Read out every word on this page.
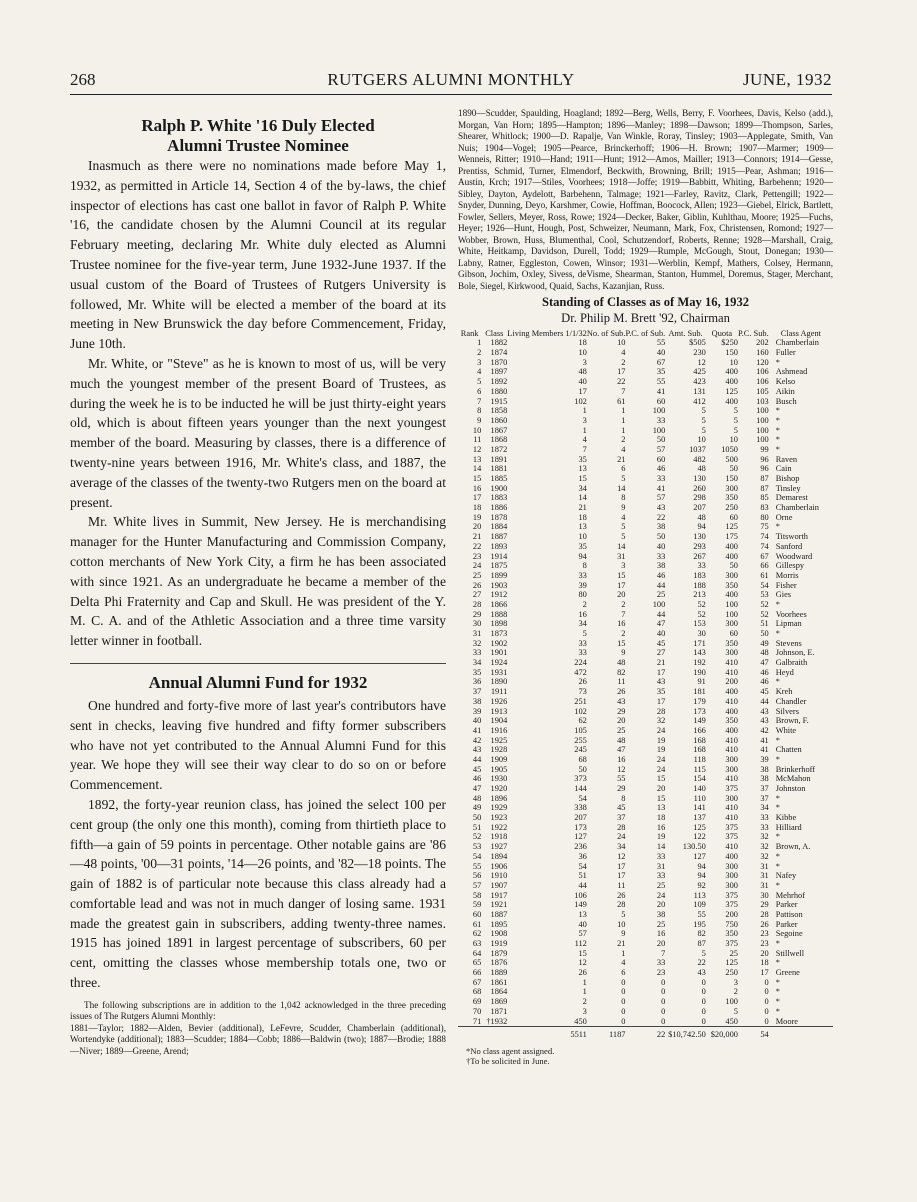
268	RUTGERS ALUMNI MONTHLY	JUNE, 1932
Ralph P. White '16 Duly Elected
Alumni Trustee Nominee

Inasmuch as there were no nominations made before May 1, 1932, as permitted in Article 14, Section 4 of the by-laws, the chief inspector of elections has cast one ballot in favor of Ralph P. White '16, the candidate chosen by the Alumni Council at its regular February meeting, declaring Mr. White duly elected as Alumni Trustee nominee for the five-year term, June 1932-June 1937. If the usual custom of the Board of Trustees of Rutgers University is followed, Mr. White will be elected a member of the board at its meeting in New Brunswick the day before Commencement, Friday, June 10th.

Mr. White, or "Steve" as he is known to most of us, will be very much the youngest member of the present Board of Trustees, as during the week he is to be inducted he will be just thirty-eight years old, which is about fifteen years younger than the next youngest member of the board. Measuring by classes, there is a difference of twenty-nine years between 1916, Mr. White's class, and 1887, the average of the classes of the twenty-two Rutgers men on the board at present.

Mr. White lives in Summit, New Jersey. He is merchandising manager for the Hunter Manufacturing and Commission Company, cotton merchants of New York City, a firm he has been associated with since 1921. As an undergraduate he became a member of the Delta Phi Fraternity and Cap and Skull. He was president of the Y. M. C. A. and of the Athletic Association and a three time varsity letter winner in football.

Annual Alumni Fund for 1932

One hundred and forty-five more of last year's contributors have sent in checks, leaving five hundred and fifty former subscribers who have not yet contributed to the Annual Alumni Fund for this year. We hope they will see their way clear to do so on or before Commencement.

1892, the forty-year reunion class, has joined the select 100 per cent group (the only one this month), coming from thirtieth place to fifth—a gain of 59 points in percentage. Other notable gains are '86—48 points, '00—31 points, '14—26 points, and '82—18 points. The gain of 1882 is of particular note because this class already had a comfortable lead and was not in much danger of losing same. 1931 made the greatest gain in subscribers, adding twenty-three names. 1915 has joined 1891 in largest percentage of subscribers, 60 per cent, omitting the classes whose membership totals one, two or three.

The following subscriptions are in addition to the 1,042 acknowledged in the three preceding issues of The Rutgers Alumni Monthly:

1881—Taylor; 1882—Alden, Bevier (additional), LeFevre, Scudder, Chamberlain (additional), Wortendyke (additional); 1883—Scudder; 1884—Cobb; 1886—Baldwin (two); 1887—Brodie; 1888—Niver; 1889—Greene, Arend;

1890—Scudder, Spaulding, Hoagland; 1892—Berg, Wells, Berry, F. Voorhees, Davis, Kelso (add.), Morgan, Van Horn; 1895—Hampton; 1896—Manley; 1898—Dawson; 1899—Thompson, Sarles, Shearer, Whitlock; 1900—D. Rapalje, Van Winkle, Roray, Tinsley; 1903—Applegate, Smith, Van Nuis; 1904—Vogel; 1905—Pearce, Brinckerhoff; 1906—H. Brown; 1907—Marmer; 1909—Wenneis, Ritter; 1910—Hand; 1911—Hunt; 1912—Amos, Mailler; 1913—Connors; 1914—Gesse, Prentiss, Schmid, Turner, Elmendorf, Beckwith, Browning, Brill; 1915—Pear, Ashman; 1916—Austin, Krch; 1917—Stiles, Voorhees; 1918—Joffe; 1919—Babbitt, Whiting, Barbehenn; 1920—Sibley, Dayton, Aydelott, Barbehenn, Talmage; 1921—Farley, Ravitz, Clark, Pettengill; 1922—Snyder, Dunning, Deyo, Karshmer, Cowie, Hoffman, Boocock, Allen; 1923—Giebel, Elrick, Bartlett, Fowler, Sellers, Meyer, Ross, Rowe; 1924—Decker, Baker, Giblin, Kuhlthau, Moore; 1925—Fuchs, Heyer; 1926—Hunt, Hough, Post, Schweizer, Neumann, Mark, Fox, Christensen, Romond; 1927—Wobber, Brown, Huss, Blumenthal, Cool, Schutzendorf, Roberts, Renne; 1928—Marshall, Craig, White, Heitkamp, Davidson, Durell, Todd; 1929—Rumple, McGough, Stout, Donegan; 1930—Labny, Ratner, Eggleston, Cowen, Winsor; 1931—Werblin, Kempf, Mathers, Colsey, Hermann, Gibson, Jochim, Oxley, Sivess, deVisme, Shearman, Stanton, Hummel, Doremus, Stager, Merchant, Bole, Siegel, Kirkwood, Quaid, Sachs, Kazanjian, Russ.

Standing of Classes as of May 16, 1932
Dr. Philip M. Brett '92, Chairman
Rank	Class	Living Members 1/1/32	No. of Sub.	P.C. of Sub.	Amt. Sub.	Quota	P.C. Sub.	Class Agent
1	1882	18	10	55	$505	$250	202	Chamberlain
2	1874	10	4	40	230	150	160	Fuller
3	1870	3	2	67	12	10	120	*
4	1897	48	17	35	425	400	106	Ashmead
5	1892	40	22	55	423	400	106	Kelso
6	1880	17	7	41	131	125	105	Aikin
7	1915	102	61	60	412	400	103	Busch
8	1858	1	1	100	5	5	100	*
9	1860	3	1	33	5	5	100	*
10	1867	1	1	100	5	5	100	*
11	1868	4	2	50	10	10	100	*
12	1872	7	4	57	1037	1050	99	*
13	1891	35	21	60	482	500	96	Raven
14	1881	13	6	46	48	50	96	Cain
15	1885	15	5	33	130	150	87	Bishop
16	1900	34	14	41	260	300	87	Tinsley
17	1883	14	8	57	298	350	85	Demarest
18	1886	21	9	43	207	250	83	Chamberlain
19	1878	18	4	22	48	60	80	Orne
20	1884	13	5	38	94	125	75	*
21	1887	10	5	50	130	175	74	Titsworth
22	1893	35	14	40	293	400	74	Sanford
23	1914	94	31	33	267	400	67	Woodward
24	1875	8	3	38	33	50	66	Gillespy
25	1899	33	15	46	183	300	61	Morris
26	1903	39	17	44	188	350	54	Fisher
27	1912	80	20	25	213	400	53	Gies
28	1866	2	2	100	52	100	52	*
29	1888	16	7	44	52	100	52	Voorhees
30	1898	34	16	47	153	300	51	Lipman
31	1873	5	2	40	30	60	50	*
32	1902	33	15	45	171	350	49	Stevens
33	1901	33	9	27	143	300	48	Johnson, E.
34	1924	224	48	21	192	410	47	Galbraith
35	1931	472	82	17	190	410	46	Heyd
36	1890	26	11	43	91	200	46	*
37	1911	73	26	35	181	400	45	Kreh
38	1926	251	43	17	179	410	44	Chandler
39	1913	102	29	28	173	400	43	Silvers
40	1904	62	20	32	149	350	43	Brown, F.
41	1916	105	25	24	166	400	42	White
42	1925	255	48	19	168	410	41	*
43	1928	245	47	19	168	410	41	Chatten
44	1909	68	16	24	118	300	39	*
45	1905	50	12	24	115	300	38	Brinkerhoff
46	1930	373	55	15	154	410	38	McMahon
47	1920	144	29	20	140	375	37	Johnston
48	1896	54	8	15	110	300	37	*
49	1929	338	45	13	141	410	34	*
50	1923	207	37	18	137	410	33	Kibbe
51	1922	173	28	16	125	375	33	Hilliard
52	1918	127	24	19	122	375	32	*
53	1927	236	34	14	130.50	410	32	Brown, A.
54	1894	36	12	33	127	400	32	*
55	1906	54	17	31	94	300	31	*
56	1910	51	17	33	94	300	31	Nafey
57	1907	44	11	25	92	300	31	*
58	1917	106	26	24	113	375	30	Mehrhof
59	1921	149	28	20	109	375	29	Parker
60	1887	13	5	38	55	200	28	Pattison
61	1895	40	10	25	195	750	26	Parker
62	1908	57	9	16	82	350	23	Segoine
63	1919	112	21	20	87	375	23	*
64	1879	15	1	7	5	25	20	Stillwell
65	1876	12	4	33	22	125	18	*
66	1889	26	6	23	43	250	17	Greene
67	1861	1	0	0	0	3	0	*
68	1864	1	0	0	0	2	0	*
69	1869	2	0	0	0	100	0	*
70	1871	3	0	0	0	5	0	*
71	†1932	450	0	0	0	450	0	Moore
		5511	1187	22	$10,742.50	$20,000	54	
*No class agent assigned.
†To be solicited in June.
